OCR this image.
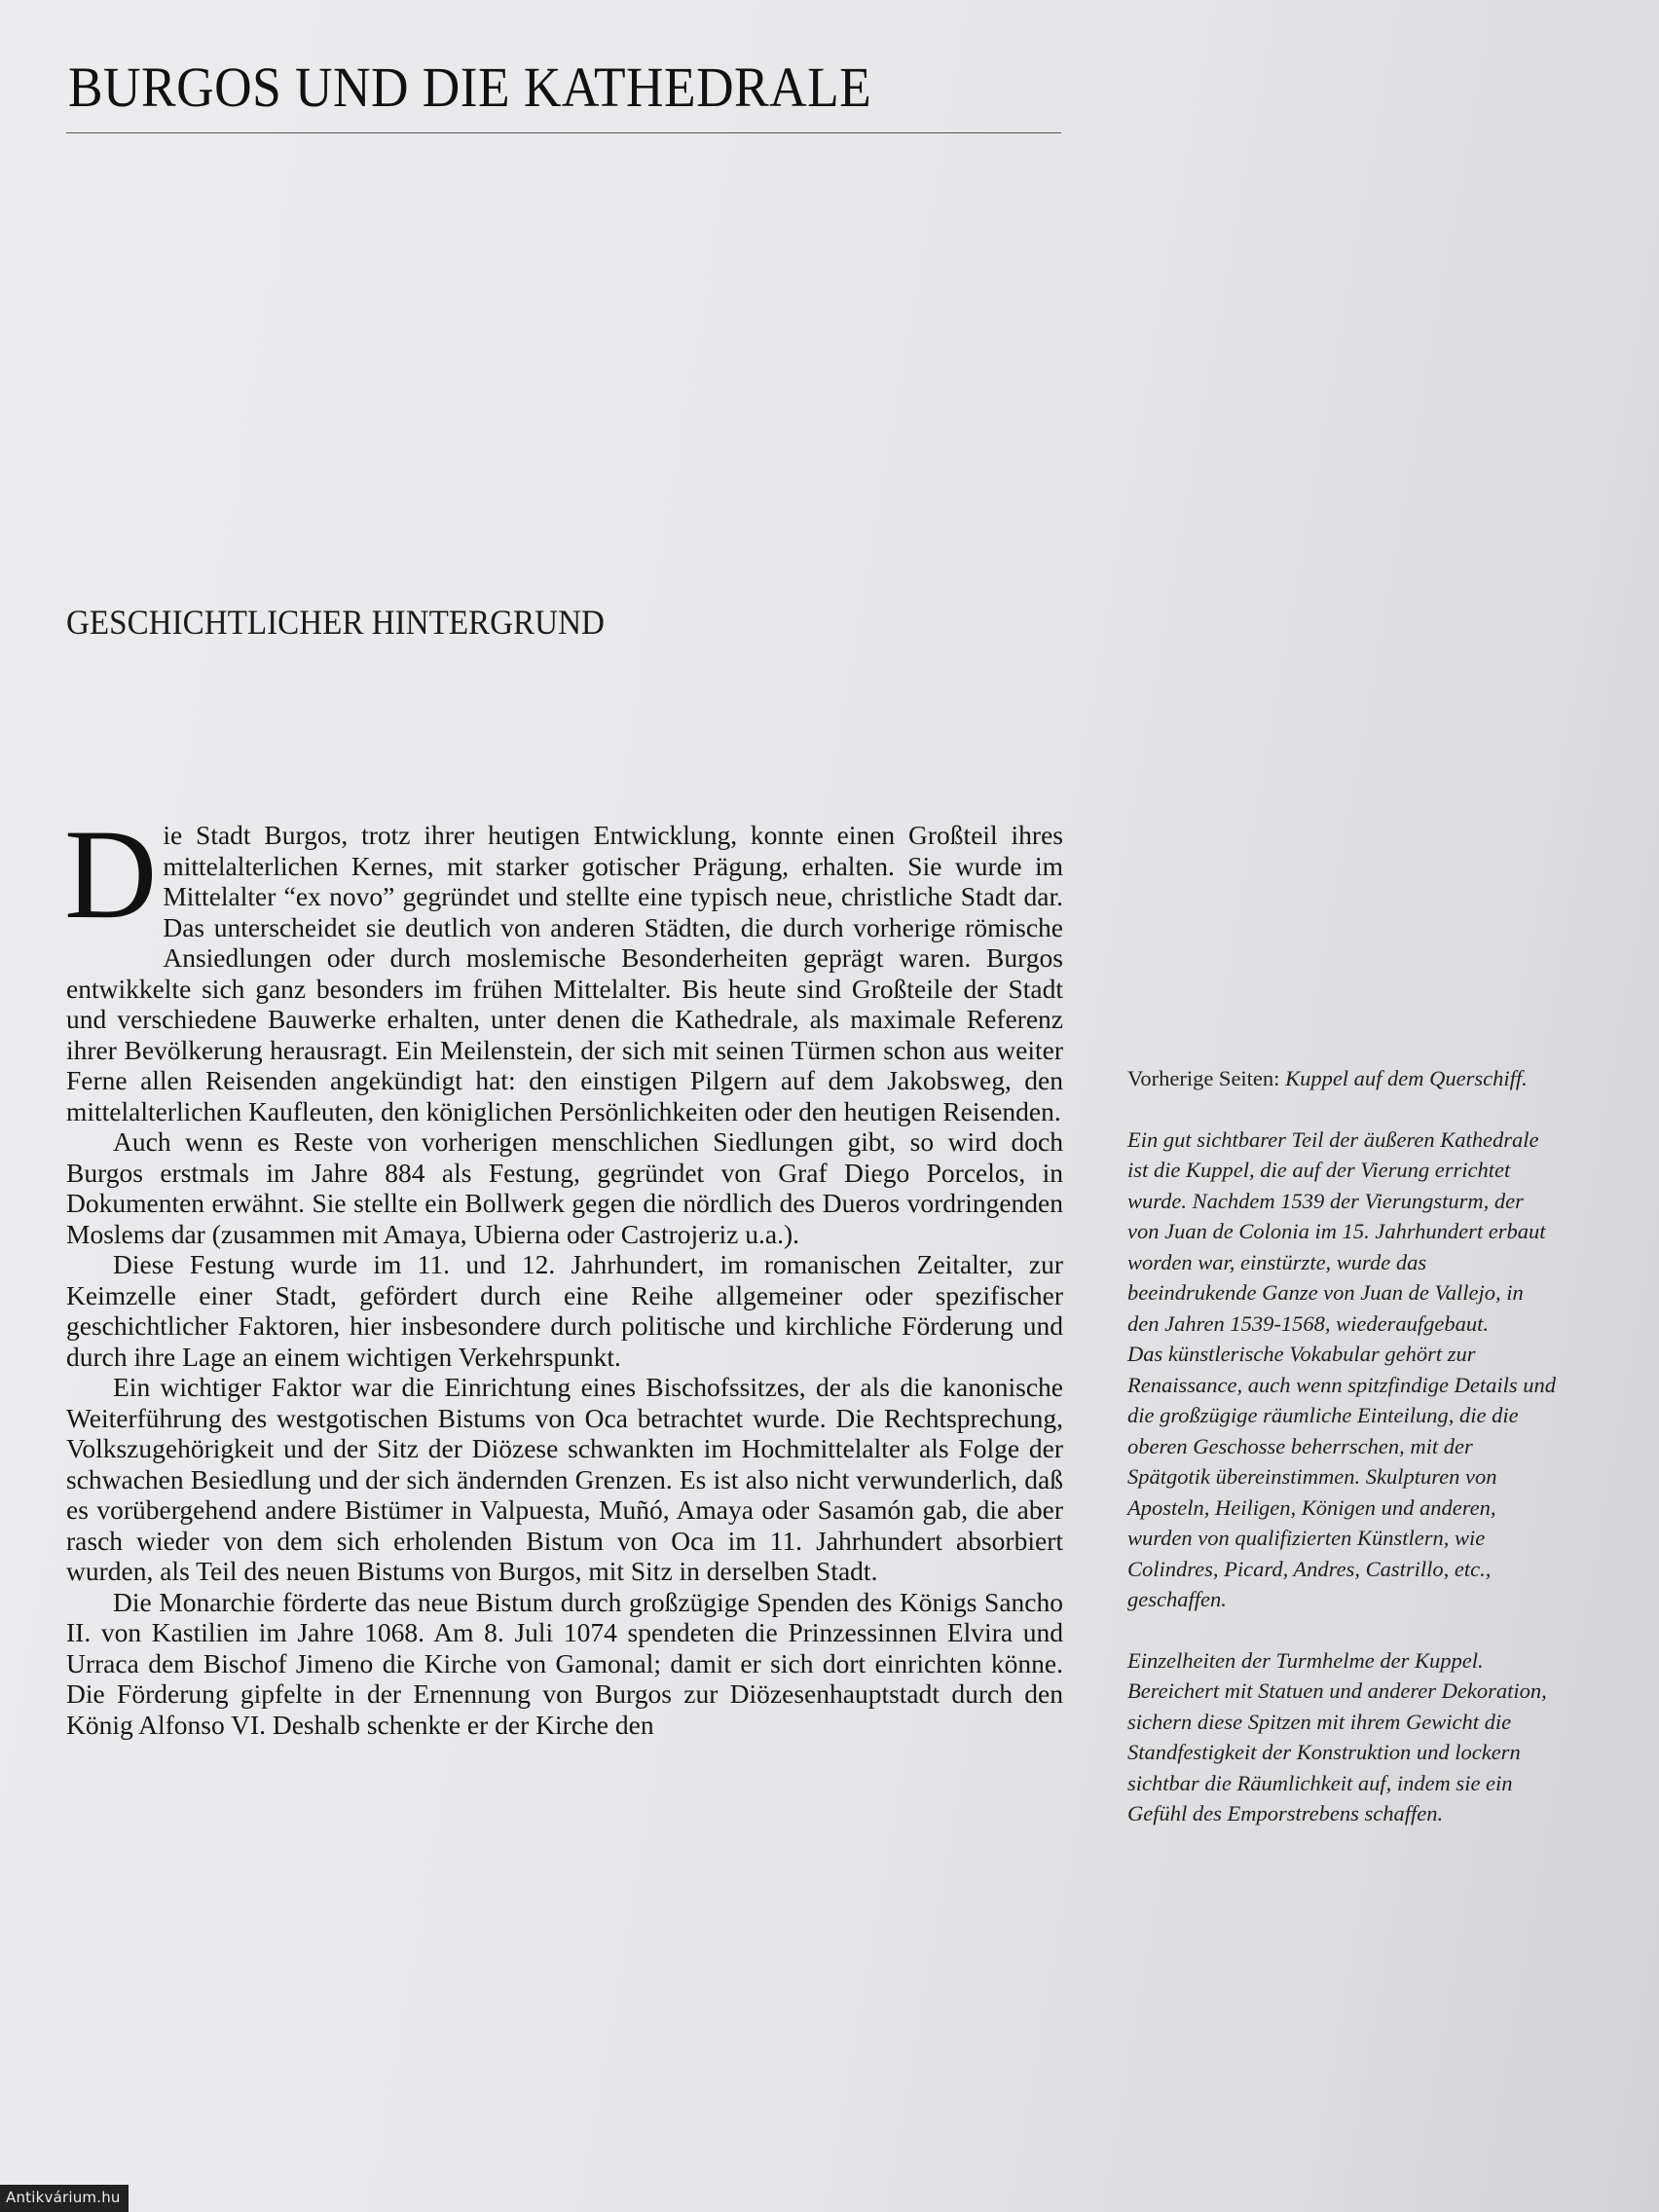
BURGOS UND DIE KATHEDRALE
GESCHICHTLICHER HINTERGRUND

Die Stadt Burgos, trotz ihrer heutigen Entwicklung, konnte einen Großteil ihres mittelalterlichen Kernes, mit starker gotischer Prägung, erhalten. Sie wurde im Mittelalter “ex novo” gegründet und stellte eine typisch neue, christliche Stadt dar. Das unterscheidet sie deutlich von anderen Städten, die durch vorherige römische Ansiedlungen oder durch moslemische Besonderheiten geprägt waren. Burgos entwikkelte sich ganz besonders im frühen Mittelalter. Bis heute sind Großteile der Stadt und verschiedene Bauwerke erhalten, unter denen die Kathedrale, als maximale Referenz ihrer Bevölkerung herausragt. Ein Meilenstein, der sich mit seinen Türmen schon aus weiter Ferne allen Reisenden angekündigt hat: den einstigen Pilgern auf dem Jakobsweg, den mittelalterlichen Kaufleuten, den königlichen Persönlichkeiten oder den heutigen Reisenden.

Auch wenn es Reste von vorherigen menschlichen Siedlungen gibt, so wird doch Burgos erstmals im Jahre 884 als Festung, gegründet von Graf Diego Porcelos, in Dokumenten erwähnt. Sie stellte ein Bollwerk gegen die nördlich des Dueros vordringenden Moslems dar (zusammen mit Amaya, Ubierna oder Castrojeriz u.a.).

Diese Festung wurde im 11. und 12. Jahrhundert, im romanischen Zeitalter, zur Keimzelle einer Stadt, gefördert durch eine Reihe allgemeiner oder spezifischer geschichtlicher Faktoren, hier insbesondere durch politische und kirchliche Förderung und durch ihre Lage an einem wichtigen Verkehrspunkt.

Ein wichtiger Faktor war die Einrichtung eines Bischofssitzes, der als die kanonische Weiterführung des westgotischen Bistums von Oca betrachtet wurde. Die Rechtsprechung, Volkszugehörigkeit und der Sitz der Diözese schwankten im Hochmittelalter als Folge der schwachen Besiedlung und der sich ändernden Grenzen. Es ist also nicht verwunderlich, daß es vorübergehend andere Bistümer in Valpuesta, Muñó, Amaya oder Sasamón gab, die aber rasch wieder von dem sich erholenden Bistum von Oca im 11. Jahrhundert absorbiert wurden, als Teil des neuen Bistums von Burgos, mit Sitz in derselben Stadt.

Die Monarchie förderte das neue Bistum durch großzügige Spenden des Königs Sancho II. von Kastilien im Jahre 1068. Am 8. Juli 1074 spendeten die Prinzessinnen Elvira und Urraca dem Bischof Jimeno die Kirche von Gamonal; damit er sich dort einrichten könne. Die Förderung gipfelte in der Ernennung von Burgos zur Diözesenhauptstadt durch den König Alfonso VI. Deshalb schenkte er der Kirche den

Vorherige Seiten: Kuppel auf dem Querschiff.

Ein gut sichtbarer Teil der äußeren Kathedrale ist die Kuppel, die auf der Vierung errichtet wurde. Nachdem 1539 der Vierungsturm, der von Juan de Colonia im 15. Jahrhundert erbaut worden war, einstürzte, wurde das beeindrukende Ganze von Juan de Vallejo, in den Jahren 1539-1568, wiederaufgebaut.
Das künstlerische Vokabular gehört zur Renaissance, auch wenn spitzfindige Details und die großzügige räumliche Einteilung, die die oberen Geschosse beherrschen, mit der Spätgotik übereinstimmen. Skulpturen von Aposteln, Heiligen, Königen und anderen, wurden von qualifizierten Künstlern, wie Colindres, Picard, Andres, Castrillo, etc., geschaffen.

Einzelheiten der Turmhelme der Kuppel. Bereichert mit Statuen und anderer Dekoration, sichern diese Spitzen mit ihrem Gewicht die Standfestigkeit der Konstruktion und lockern sichtbar die Räumlichkeit auf, indem sie ein Gefühl des Emporstrebens schaffen.

Antikvárium.hu
